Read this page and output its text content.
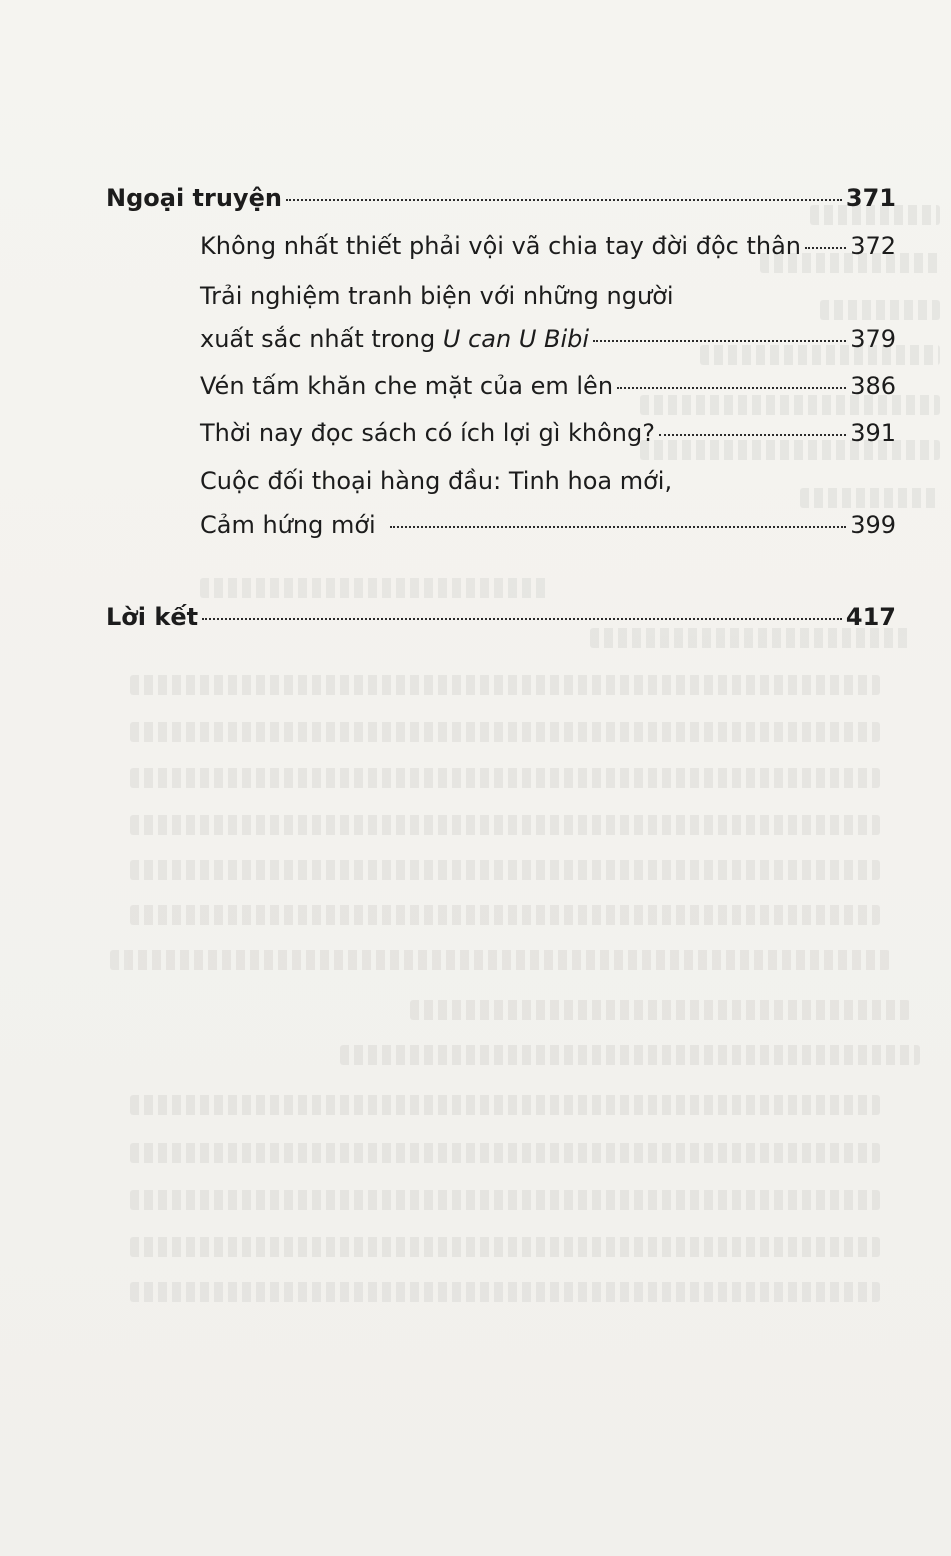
Ngoại truyện	371
Không nhất thiết phải vội vã chia tay đời độc thân 372
Trải nghiệm tranh biện với những người
xuất sắc nhất trong U can U Bibi	379
Vén tấm khăn che mặt của em lên	386
Thời nay đọc sách có ích lợi gì không?	391
Cuộc đối thoại hàng đầu: Tinh hoa mới,
Cảm hứng mới	399
Lời kết	417
